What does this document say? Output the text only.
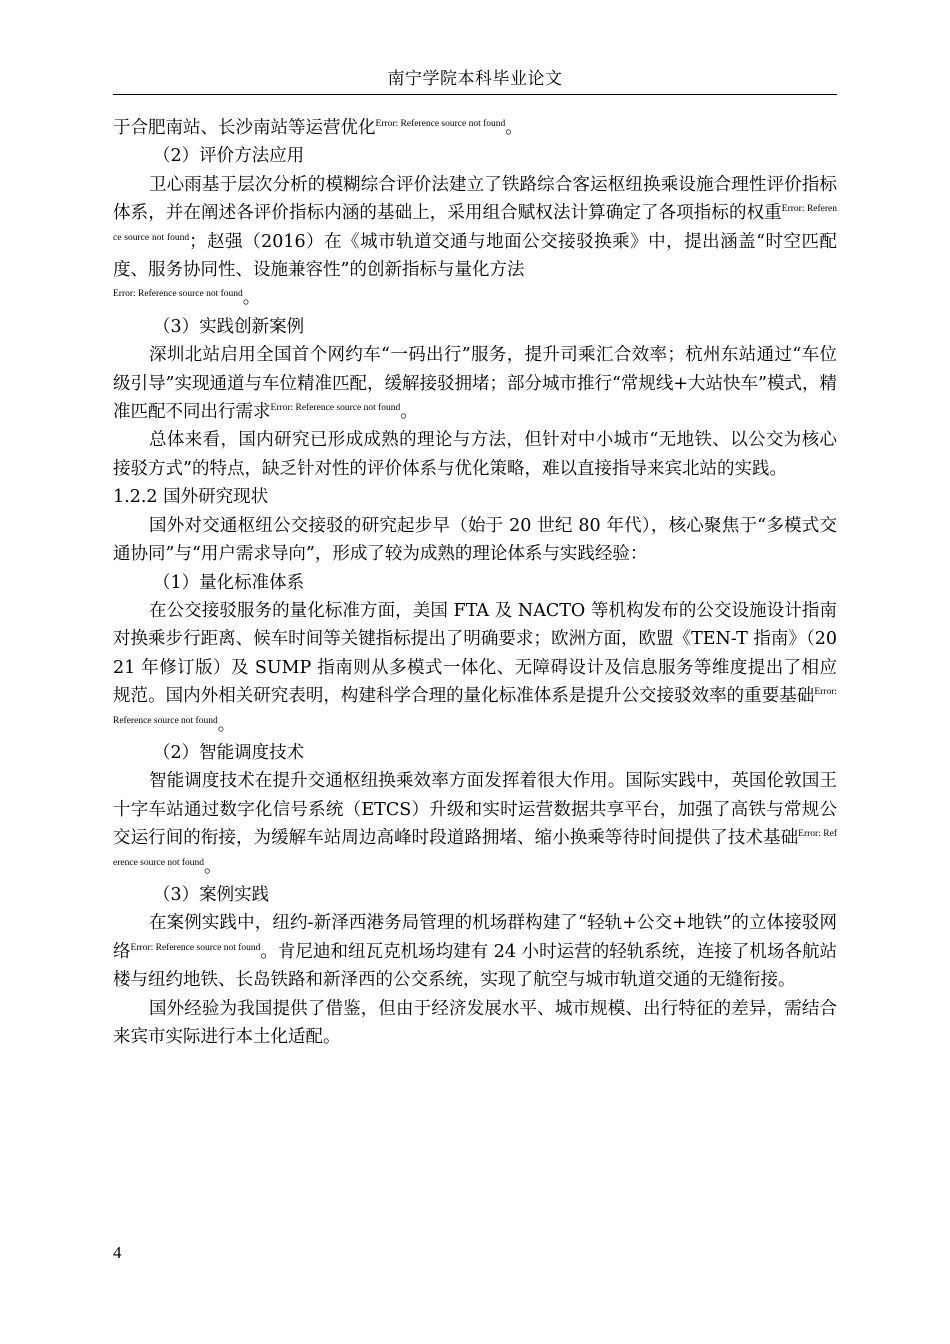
南宁学院本科毕业论文

于合肥南站、长沙南站等运营优化$^{Error: Reference source not found}$。

（2）评价方法应用

卫心雨基于层次分析的模糊综合评价法建立了铁路综合客运枢纽换乘设施合理性评价指标体系，并在阐述各评价指标内涵的基础上，采用组合赋权法计算确定了各项指标的权重$^{Error: Reference source not found}$；赵强（2016）在《城市轨道交通与地面公交接驳换乘》中，提出涵盖“时空匹配度、服务协同性、设施兼容性”的创新指标与量化方法
$^{Error: Reference source not found}$。

（3）实践创新案例

深圳北站启用全国首个网约车“一码出行”服务，提升司乘汇合效率；杭州东站通过“车位级引导”实现通道与车位精准匹配，缓解接驳拥堵；部分城市推行“常规线+大站快车”模式，精准匹配不同出行需求$^{Error: Reference source not found}$。

总体来看，国内研究已形成成熟的理论与方法，但针对中小城市“无地铁、以公交为核心接驳方式”的特点，缺乏针对性的评价体系与优化策略，难以直接指导来宾北站的实践。

1.2.2 国外研究现状

国外对交通枢纽公交接驳的研究起步早（始于 20 世纪 80 年代），核心聚焦于“多模式交通协同”与“用户需求导向”，形成了较为成熟的理论体系与实践经验：

（1）量化标准体系

在公交接驳服务的量化标准方面，美国 FTA 及 NACTO 等机构发布的公交设施设计指南对换乘步行距离、候车时间等关键指标提出了明确要求；欧洲方面，欧盟《TEN-T 指南》（2021 年修订版）及 SUMP 指南则从多模式一体化、无障碍设计及信息服务等维度提出了相应规范。国内外相关研究表明，构建科学合理的量化标准体系是提升公交接驳效率的重要基础$^{Error: Reference source not found}$。

（2）智能调度技术

智能调度技术在提升交通枢纽换乘效率方面发挥着很大作用。国际实践中，英国伦敦国王十字车站通过数字化信号系统（ETCS）升级和实时运营数据共享平台，加强了高铁与常规公交运行间的衔接，为缓解车站周边高峰时段道路拥堵、缩小换乘等待时间提供了技术基础$^{Error: Reference source not found}$。

（3）案例实践

在案例实践中，纽约-新泽西港务局管理的机场群构建了“轻轨+公交+地铁”的立体接驳网络$^{Error: Reference source not found}$。肯尼迪和纽瓦克机场均建有 24 小时运营的轻轨系统，连接了机场各航站楼与纽约地铁、长岛铁路和新泽西的公交系统，实现了航空与城市轨道交通的无缝衔接。

国外经验为我国提供了借鉴，但由于经济发展水平、城市规模、出行特征的差异，需结合来宾市实际进行本土化适配。

4
